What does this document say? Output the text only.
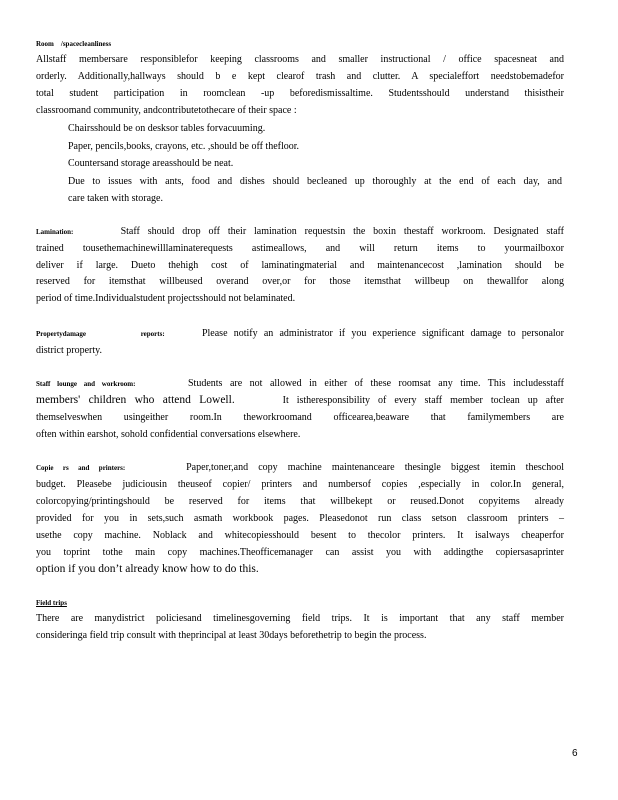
Room /spacecleanliness
Allstaff membersare responsiblefor keeping classrooms and smaller instructional / office spacesneat and
orderly. Additionally,hallways should b e kept clearof trash and clutter. A specialeffort needstobemadefor
total student participation in roomclean -up beforedismissaltime. Studentsshould understand thisistheir
classroomand community, andcontributetothecare of their space :
Chairsshould be on desksor tables forvacuuming.
Paper, pencils,books, crayons, etc. ,should be off thefloor.
Countersand storage areasshould be neat.
Due to issues with ants, food and dishes should becleaned up thoroughly at the end of each day, and
care taken with storage.
Lamination:	Staff should drop off their lamination requestsin the boxin thestaff workroom. Designated staff
trained tousethemachinewilllaminaterequests astimeallows, and will return items to yourmailboxor
deliver if large. Dueto thehigh cost of laminatingmaterial and maintenancecost ,lamination should be
reserved for itemsthat willbeused overand over,or for those itemsthat willbeup on thewallfor along
period of time.Individualstudent projectsshould not belaminated.
Propertydamage	reports:	Please notify an administrator if you experience significant damage to personalor
district property.
Staff lounge and workroom:	Students are not allowed in either of these roomsat any time. This includesstaff
members' children who attend Lowell.	It istheresponsibility of every staff member toclean up after
themselveswhen usingeither room.In theworkroomand officearea,beaware that familymembers are
often within earshot, sohold confidential conversations elsewhere.
Copie rs and printers:	Paper,toner,and copy machine maintenanceare thesingle biggest itemin theschool
budget. Pleasebe judiciousin theuseof copier/ printers and numbersof copies ,especially in color.In general,
colorcopying/printingshould be reserved for items that willbekept or reused.Donot copyitems already
provided for you in sets,such asmath workbook pages. Pleasedonot run class setson classroom printers –
usethe copy machine. Noblack and whitecopiesshould besent to thecolor printers. It isalways cheaperfor
you toprint tothe main copy machines.Theofficemanager can assist you with addingthe copiersasaprinter
option if you don’t already know how to do this.
Field trips
There are manydistrict policiesand timelinesgoverning field trips. It is important that any staff member
consideringa field trip consult with theprincipal at least 30days beforethetrip to begin the process.
6
